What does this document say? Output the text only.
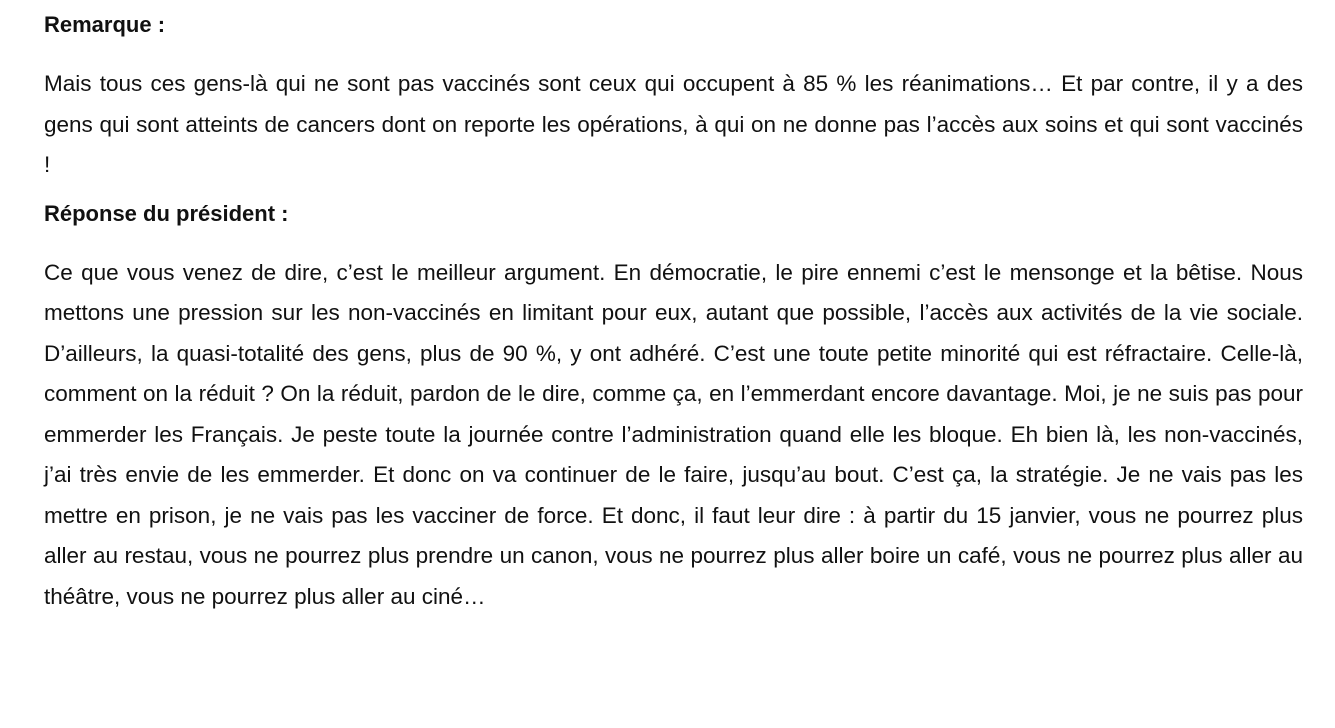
Remarque :

Mais tous ces gens-là qui ne sont pas vaccinés sont ceux qui occupent à 85 % les réanimations… Et par contre, il y a des gens qui sont atteints de cancers dont on reporte les opérations, à qui on ne donne pas l’accès aux soins et qui sont vaccinés !

Réponse du président :

Ce que vous venez de dire, c’est le meilleur argument. En démocratie, le pire ennemi c’est le mensonge et la bêtise. Nous mettons une pression sur les non-vaccinés en limitant pour eux, autant que possible, l’accès aux activités de la vie sociale. D’ailleurs, la quasi-totalité des gens, plus de 90 %, y ont adhéré. C’est une toute petite minorité qui est réfractaire. Celle-là, comment on la réduit ? On la réduit, pardon de le dire, comme ça, en l’emmerdant encore davantage. Moi, je ne suis pas pour emmerder les Français. Je peste toute la journée contre l’administration quand elle les bloque. Eh bien là, les non-vaccinés, j’ai très envie de les emmerder. Et donc on va continuer de le faire, jusqu’au bout. C’est ça, la stratégie. Je ne vais pas les mettre en prison, je ne vais pas les vacciner de force. Et donc, il faut leur dire : à partir du 15 janvier, vous ne pourrez plus aller au restau, vous ne pourrez plus prendre un canon, vous ne pourrez plus aller boire un café, vous ne pourrez plus aller au théâtre, vous ne pourrez plus aller au ciné…
